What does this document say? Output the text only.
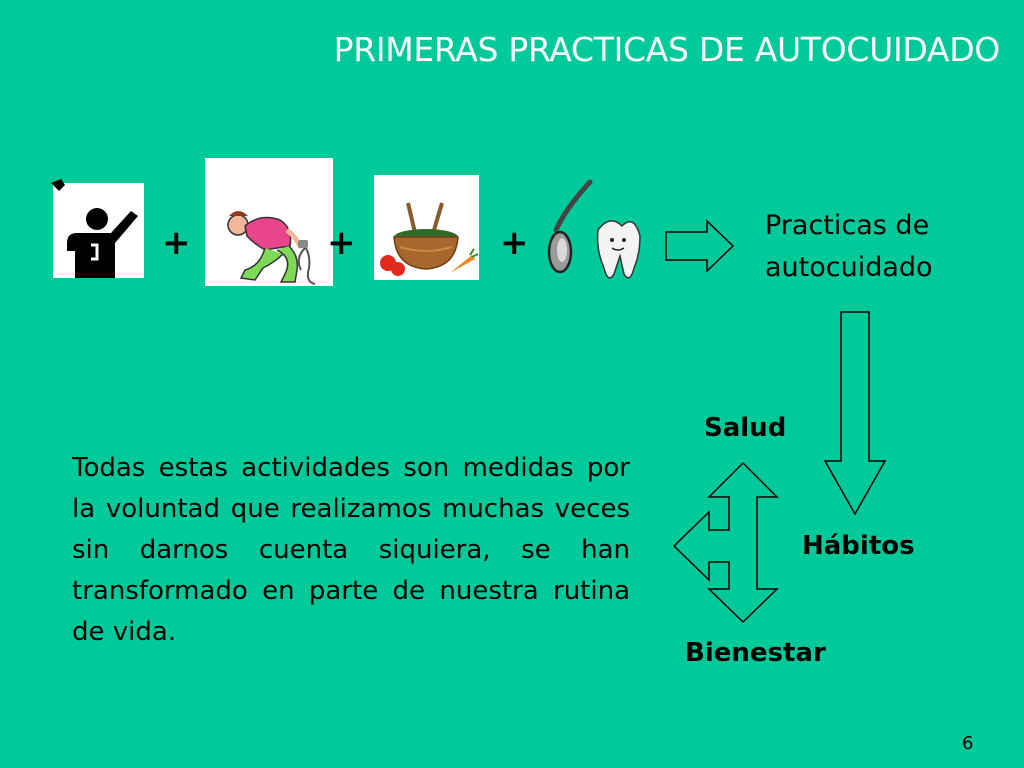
PRIMERAS PRACTICAS DE AUTOCUIDADO
+	+	+	Practicas de
autocuidado
Hábitos
Salud
Bienestar
Todas estas actividades son medidas por la voluntad que realizamos muchas veces sin darnos cuenta siquiera, se han transformado en parte de nuestra rutina de vida.
6
